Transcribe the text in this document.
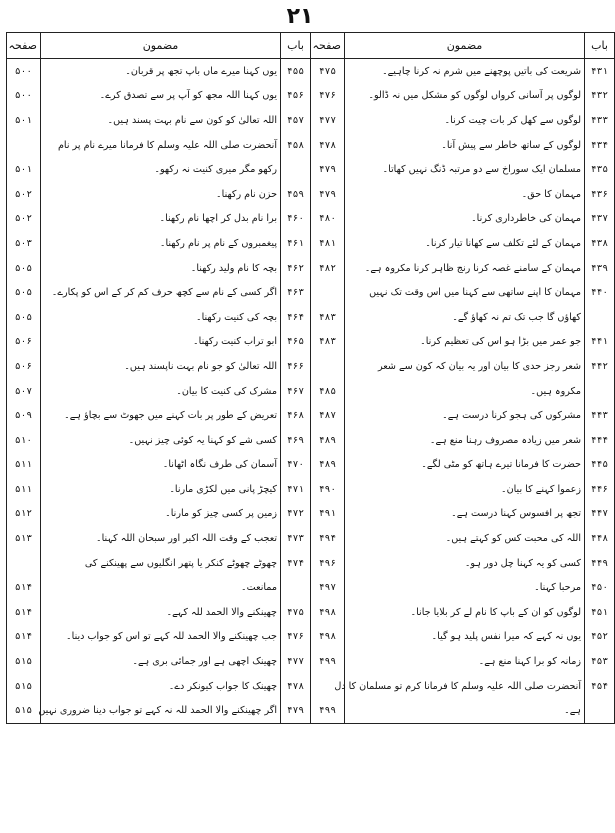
۲۱
باب	مضمون	صفحہ	باب	مضمون	صفحہ
۴۳۱	شریعت کی باتیں پوچھنے میں شرم نہ کرنا چاہیے۔	۴۷۵	۴۵۵	یوں کہنا میرے ماں باپ تجھ پر قربان۔	۵۰۰
۴۳۲	لوگوں پر آسانی کرواں لوگوں کو مشکل میں نہ ڈالو۔	۴۷۶	۴۵۶	یوں کہنا اللہ مجھ کو آپ پر سے تصدق کرے۔	۵۰۰
۴۳۳	لوگوں سے کھل کر بات چیت کرنا۔	۴۷۷	۴۵۷	اللہ تعالیٰ کو کون سے نام بہت پسند ہیں۔	۵۰۱
۴۳۴	لوگوں کے ساتھ خاطر سے پیش آنا۔	۴۷۸	۴۵۸	آنحضرت صلی اللہ علیہ وسلم کا فرمانا میرے نام پر نام	
۴۳۵	مسلمان ایک سوراخ سے دو مرتبہ ڈنگ نہیں کھاتا۔	۴۷۹		رکھو مگر میری کنیت نہ رکھو۔	۵۰۱
۴۳۶	مہمان کا حق۔	۴۷۹	۴۵۹	حزن نام رکھنا۔	۵۰۲
۴۳۷	مہمان کی خاطرداری کرنا۔	۴۸۰	۴۶۰	برا نام بدل کر اچھا نام رکھنا۔	۵۰۲
۴۳۸	مہمان کے لئے تکلف سے کھانا تیار کرنا۔	۴۸۱	۴۶۱	پیغمبروں کے نام پر نام رکھنا۔	۵۰۳
۴۳۹	مہمان کے سامنے غصہ کرنا رنج ظاہر کرنا مکروہ ہے۔	۴۸۲	۴۶۲	بچہ کا نام ولید رکھنا۔	۵۰۵
۴۴۰	مہمان کا اپنے ساتھی سے کہنا میں اس وقت تک نہیں		۴۶۳	اگر کسی کے نام سے کچھ حرف کم کر کے اس کو پکارے۔	۵۰۵
	کھاؤں گا جب تک تم نہ کھاؤ گے۔	۴۸۳	۴۶۴	بچہ کی کنیت رکھنا۔	۵۰۵
۴۴۱	جو عمر میں بڑا ہو اس کی تعظیم کرنا۔	۴۸۳	۴۶۵	ابو تراب کنیت رکھنا۔	۵۰۶
۴۴۲	شعر رجز حدی کا بیان اور یہ بیان کہ کون سے شعر		۴۶۶	اللہ تعالیٰ کو جو نام بہت ناپسند ہیں۔	۵۰۶
	مکروہ ہیں۔	۴۸۵	۴۶۷	مشرک کی کنیت کا بیان۔	۵۰۷
۴۴۳	مشرکوں کی ہجو کرنا درست ہے۔	۴۸۷	۴۶۸	تعریض کے طور پر بات کہنے میں جھوٹ سے بچاؤ ہے۔	۵۰۹
۴۴۴	شعر میں زیادہ مصروف رہنا منع ہے۔	۴۸۹	۴۶۹	کسی شے کو کہنا یہ کوئی چیز نہیں۔	۵۱۰
۴۴۵	حضرت کا فرمانا تیرے ہاتھ کو مٹی لگے۔	۴۸۹	۴۷۰	آسمان کی طرف نگاہ اٹھانا۔	۵۱۱
۴۴۶	زعموا کہنے کا بیان۔	۴۹۰	۴۷۱	کیچڑ پانی میں لکڑی مارنا۔	۵۱۱
۴۴۷	تجھ پر افسوس کہنا درست ہے۔	۴۹۱	۴۷۲	زمین پر کسی چیز کو مارنا۔	۵۱۲
۴۴۸	اللہ کی محبت کس کو کہتے ہیں۔	۴۹۴	۴۷۳	تعجب کے وقت اللہ اکبر اور سبحان اللہ کہنا۔	۵۱۳
۴۴۹	کسی کو یہ کہنا چل دور ہو۔	۴۹۶	۴۷۴	چھوٹے چھوٹے کنکر یا پتھر انگلیوں سے پھینکنے کی	
۴۵۰	مرحبا کہنا۔	۴۹۷		ممانعت۔	۵۱۴
۴۵۱	لوگوں کو ان کے باپ کا نام لے کر بلایا جانا۔	۴۹۸	۴۷۵	چھینکنے والا الحمد للہ کہے۔	۵۱۴
۴۵۲	یوں نہ کہے کہ میرا نفس پلید ہو گیا۔	۴۹۸	۴۷۶	جب چھینکنے والا الحمد للہ کہے تو اس کو جواب دینا۔	۵۱۴
۴۵۳	زمانہ کو برا کہنا منع ہے۔	۴۹۹	۴۷۷	چھینک اچھی ہے اور جمائی بری ہے۔	۵۱۵
۴۵۴	آنحضرت صلی اللہ علیہ وسلم کا فرمانا کرم تو مسلمان کا دل		۴۷۸	چھینک کا جواب کیونکر دے۔	۵۱۵
	ہے۔	۴۹۹	۴۷۹	اگر چھینکنے والا الحمد للہ نہ کہے تو جواب دینا ضروری نہیں	۵۱۵
